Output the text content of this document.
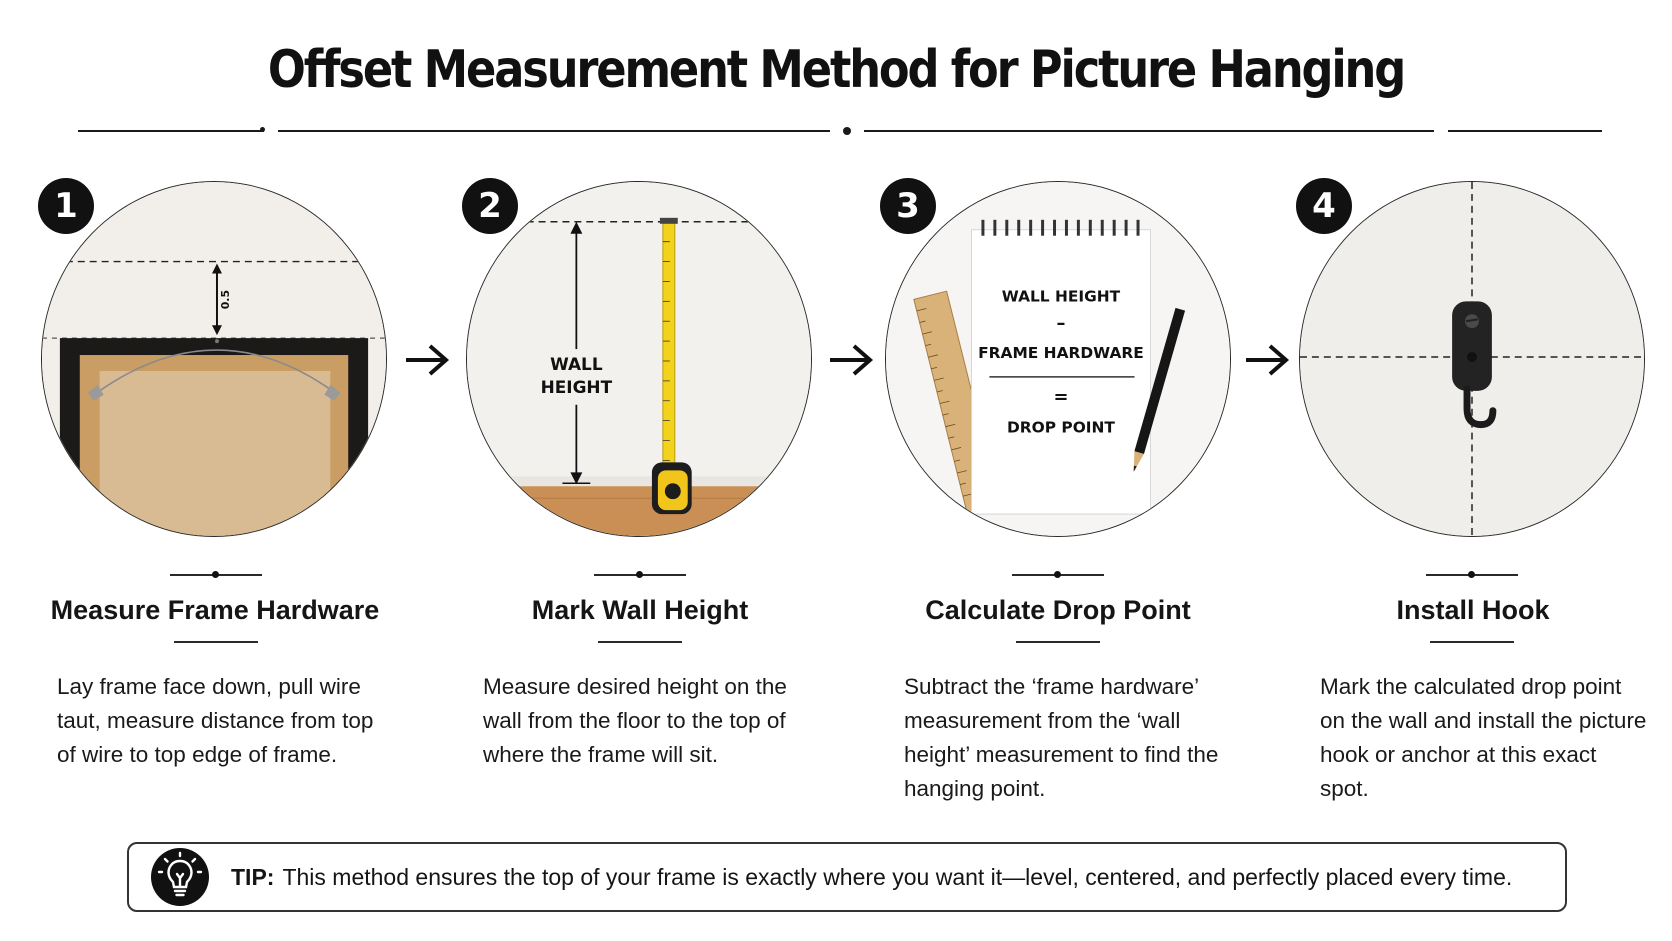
Offset Measurement Method for Picture Hanging
1
0.5
Measure Frame Hardware
Lay frame face down, pull wire taut, measure distance from top of wire to top edge of frame.
2
WALL
HEIGHT
Mark Wall Height
Measure desired height on the wall from the floor to the top of where the frame will sit.
3
WALL HEIGHT
–
FRAME HARDWARE
=
DROP POINT
Calculate Drop Point
Subtract the ‘frame hardware’ measurement from the ‘wall height’ measurement to find the hanging point.
4
Install Hook
Mark the calculated drop point on the wall and install the picture hook or anchor at this exact spot.
TIP: This method ensures the top of your frame is exactly where you want it—level, centered, and perfectly placed every time.
